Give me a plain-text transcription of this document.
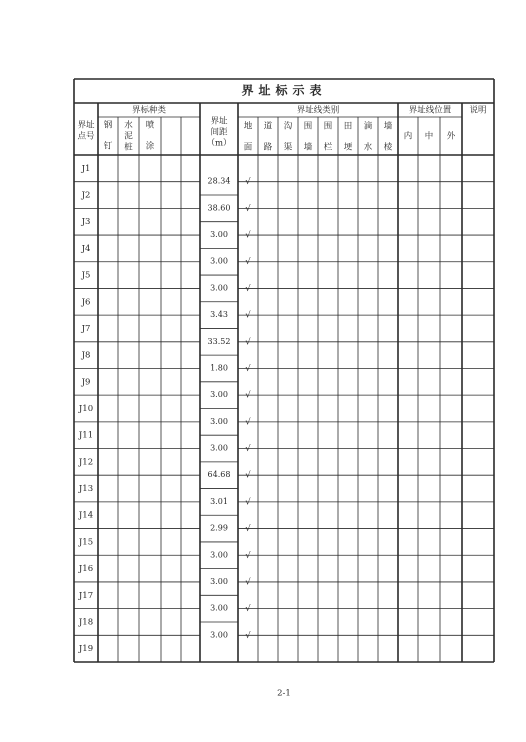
界址标示表
界标种类	界址线类别	界址线位置 说明
界址
点号
钢
钉
水
泥
桩
喷
涂
界址
间距
（m）
地
面
道
路
沟
渠
围
墙
围
栏
田
埂
滴
水
墙
棱
内 中 外
J1
J2
J3
J4
J5
J6
J7
J8
J9
J10
J11
J12
J13
J14
J15
J16
J17
J18
J19
28.34 √
38.60 √
3.00 √
3.00 √
3.00 √
3.43 √
33.52 √
1.80 √
3.00 √
3.00 √
3.00 √
64.68 √
3.01 √
2.99 √
3.00 √
3.00 √
3.00 √
3.00 √
2-1
